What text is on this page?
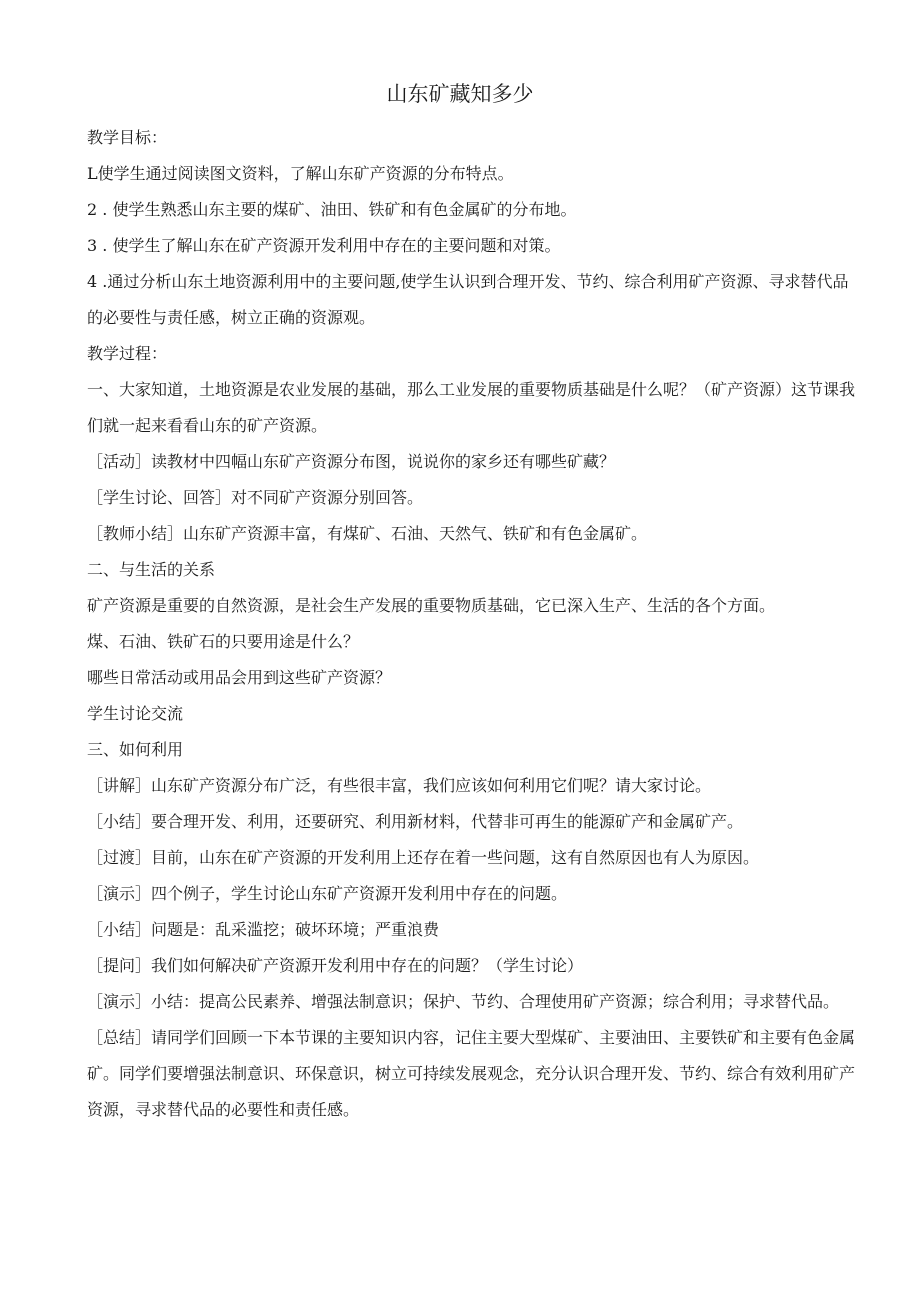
山东矿藏知多少

教学目标：

L使学生通过阅读图文资料，了解山东矿产资源的分布特点。

2 . 使学生熟悉山东主要的煤矿、油田、铁矿和有色金属矿的分布地。

3 . 使学生了解山东在矿产资源开发利用中存在的主要问题和对策。

4 .通过分析山东土地资源利用中的主要问题,使学生认识到合理开发、节约、综合利用矿产资源、寻求替代品的必要性与责任感，树立正确的资源观。

教学过程：

一、大家知道，土地资源是农业发展的基础，那么工业发展的重要物质基础是什么呢？（矿产资源）这节课我们就一起来看看山东的矿产资源。

［活动］读教材中四幅山东矿产资源分布图，说说你的家乡还有哪些矿藏？

［学生讨论、回答］对不同矿产资源分别回答。

［教师小结］山东矿产资源丰富，有煤矿、石油、天然气、铁矿和有色金属矿。

二、与生活的关系

矿产资源是重要的自然资源，是社会生产发展的重要物质基础，它已深入生产、生活的各个方面。

煤、石油、铁矿石的只要用途是什么？

哪些日常活动或用品会用到这些矿产资源？

学生讨论交流

三、如何利用

［讲解］山东矿产资源分布广泛，有些很丰富，我们应该如何利用它们呢？请大家讨论。

［小结］要合理开发、利用，还要研究、利用新材料，代替非可再生的能源矿产和金属矿产。

［过渡］目前，山东在矿产资源的开发利用上还存在着一些问题，这有自然原因也有人为原因。

［演示］四个例子，学生讨论山东矿产资源开发利用中存在的问题。

［小结］问题是：乱采滥挖；破坏环境；严重浪费

［提问］我们如何解决矿产资源开发利用中存在的问题？（学生讨论）

［演示］小结：提高公民素养、增强法制意识；保护、节约、合理使用矿产资源；综合利用；寻求替代品。

［总结］请同学们回顾一下本节课的主要知识内容，记住主要大型煤矿、主要油田、主要铁矿和主要有色金属矿。同学们要增强法制意识、环保意识，树立可持续发展观念，充分认识合理开发、节约、综合有效利用矿产资源，寻求替代品的必要性和责任感。
